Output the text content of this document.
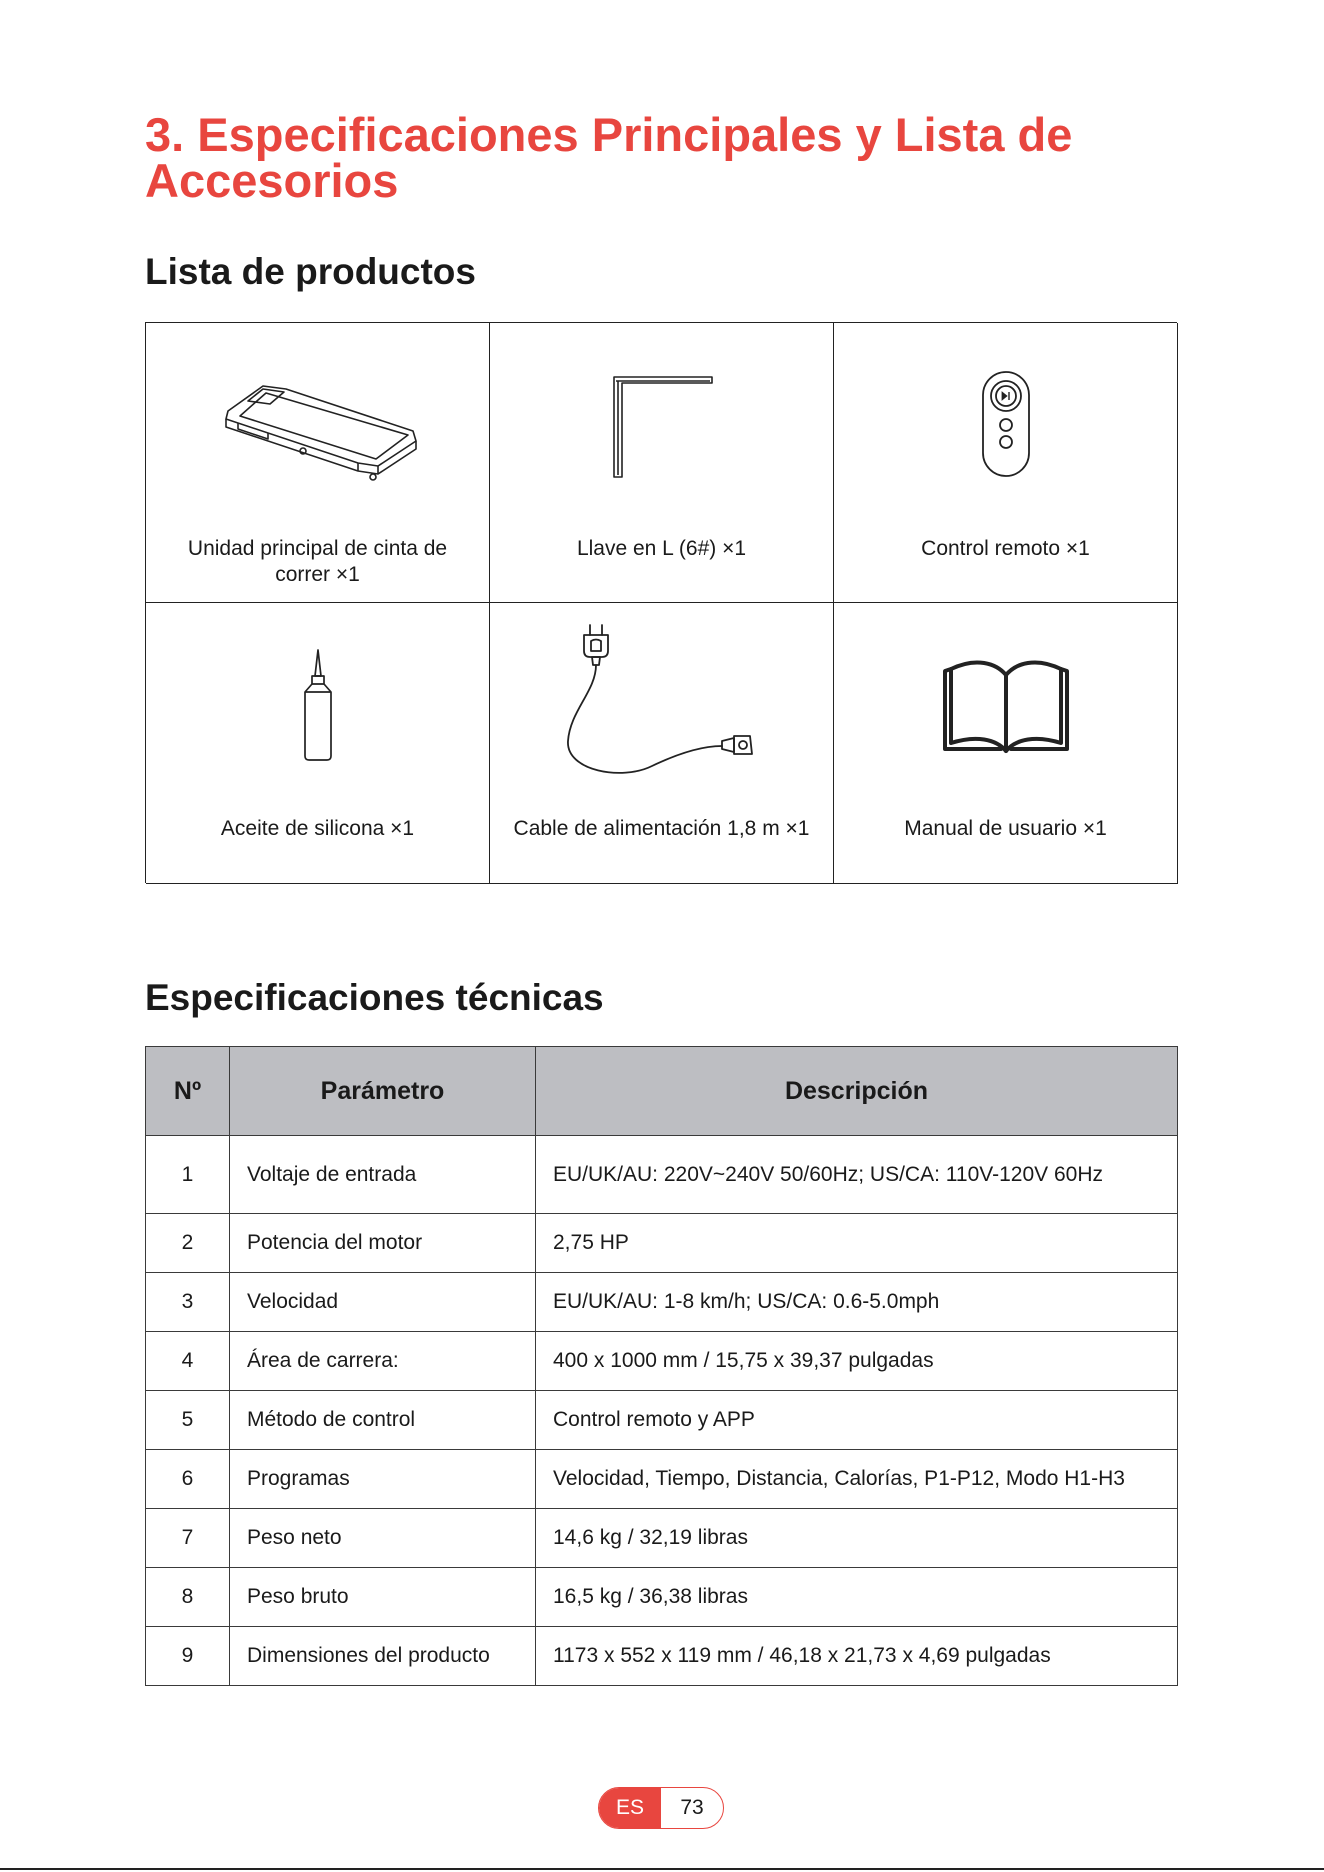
3. Especificaciones Principales y Lista de Accesorios
Lista de productos
Unidad principal de cinta de correr ×1
Llave en L (6#) ×1	Control remoto ×1
Aceite de silicona ×1	Cable de alimentación 1,8 m ×1	Manual de usuario ×1
Especificaciones técnicas
Nº	Parámetro	Descripción
1	Voltaje de entrada	EU/UK/AU: 220V~240V 50/60Hz; US/CA: 110V-120V 60Hz
2	Potencia del motor	2,75 HP
3	Velocidad	EU/UK/AU: 1-8 km/h; US/CA: 0.6-5.0mph
4	Área de carrera:	400 x 1000 mm / 15,75 x 39,37 pulgadas
5	Método de control	Control remoto y APP
6	Programas	Velocidad, Tiempo, Distancia, Calorías, P1-P12, Modo H1-H3
7	Peso neto	14,6 kg / 32,19 libras
8	Peso bruto	16,5 kg / 36,38 libras
9	Dimensiones del producto	1173 x 552 x 119 mm / 46,18 x 21,73 x 4,69 pulgadas
ES	73
